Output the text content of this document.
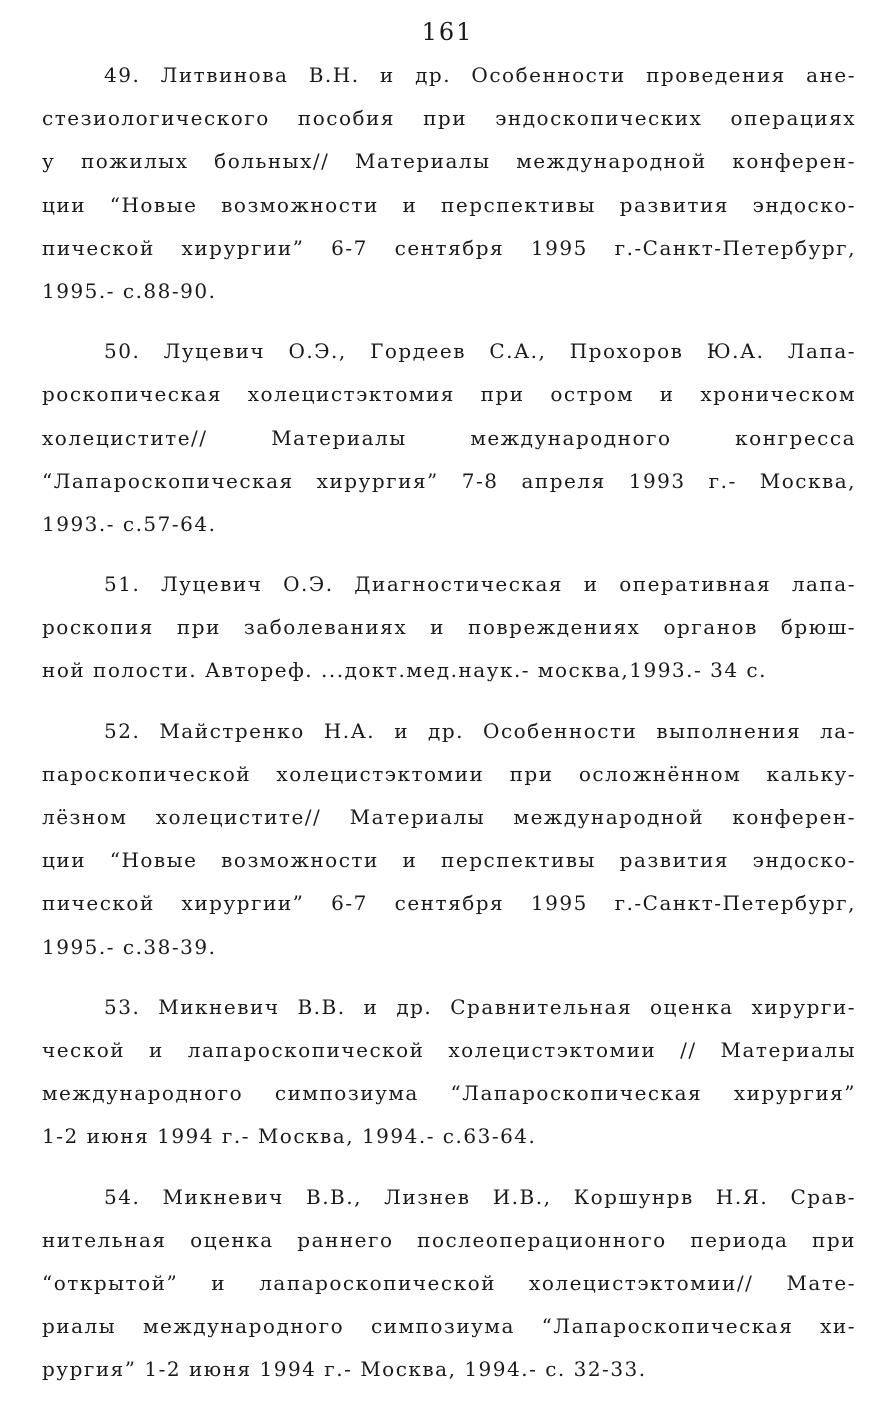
161
49. Литвинова В.Н. и др. Особенности проведения ане-
стезиологического пособия при эндоскопических операциях
у пожилых больных// Материалы международной конферен-
ции “Новые возможности и перспективы развития эндоско-
пической хирургии” 6-7 сентября 1995 г.-Санкт-Петербург,
1995.- с.88-90.
50. Луцевич О.Э., Гордеев С.А., Прохоров Ю.А. Лапа-
роскопическая холецистэктомия при остром и хроническом
холецистите// Материалы международного конгресса
“Лапароскопическая хирургия” 7-8 апреля 1993 г.- Москва,
1993.- с.57-64.
51. Луцевич О.Э. Диагностическая и оперативная лапа-
роскопия при заболеваниях и повреждениях органов брюш-
ной полости. Автореф. ...докт.мед.наук.- москва,1993.- 34 с.
52. Майстренко Н.А. и др. Особенности выполнения ла-
пароскопической холецистэктомии при осложнённом кальку-
лёзном холецистите// Материалы международной конферен-
ции “Новые возможности и перспективы развития эндоско-
пической хирургии” 6-7 сентября 1995 г.-Санкт-Петербург,
1995.- с.38-39.
53. Микневич В.В. и др. Сравнительная оценка хирурги-
ческой и лапароскопической холецистэктомии // Материалы
международного симпозиума “Лапароскопическая хирургия”
1-2 июня 1994 г.- Москва, 1994.- с.63-64.
54. Микневич В.В., Лизнев И.В., Коршунрв Н.Я. Срав-
нительная оценка раннего послеоперационного периода при
“открытой” и лапароскопической холецистэктомии// Мате-
риалы международного симпозиума “Лапароскопическая хи-
рургия” 1-2 июня 1994 г.- Москва, 1994.- с. 32-33.
